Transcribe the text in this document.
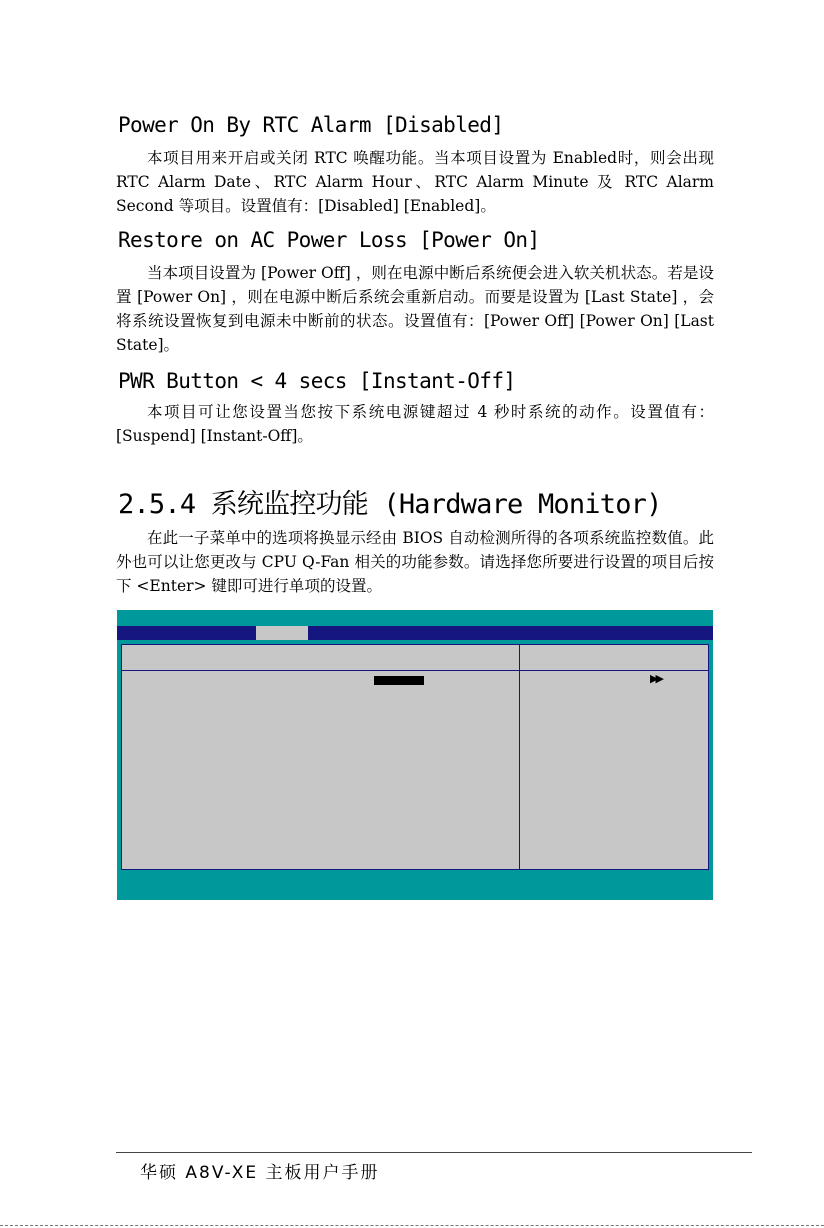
Power On By RTC Alarm [Disabled]

本项目用来开启或关闭 RTC 唤醒功能。当本项目设置为 Enabled时，则会出现 RTC Alarm Date、RTC Alarm Hour、RTC Alarm Minute 及 RTC Alarm Second 等项目。设置值有：[Disabled] [Enabled]。

Restore on AC Power Loss [Power On]

当本项目设置为 [Power Off] ，则在电源中断后系统便会进入软关机状态。若是设置 [Power On] ，则在电源中断后系统会重新启动。而要是设置为 [Last State] ，会将系统设置恢复到电源未中断前的状态。设置值有：[Power Off] [Power On] [Last State]。

PWR Button < 4 secs [Instant-Off]

本项目可让您设置当您按下系统电源键超过 4 秒时系统的动作。设置值有：[Suspend] [Instant-Off]。

2.5.4 系统监控功能 (Hardware Monitor)

在此一子菜单中的选项将换显示经由 BIOS 自动检测所得的各项系统监控数值。此外也可以让您更改与 CPU Q-Fan 相关的功能参数。请选择您所要进行设置的项目后按下 <Enter> 键即可进行单项的设置。

▶▶

华硕 A8V-XE 主板用户手册
